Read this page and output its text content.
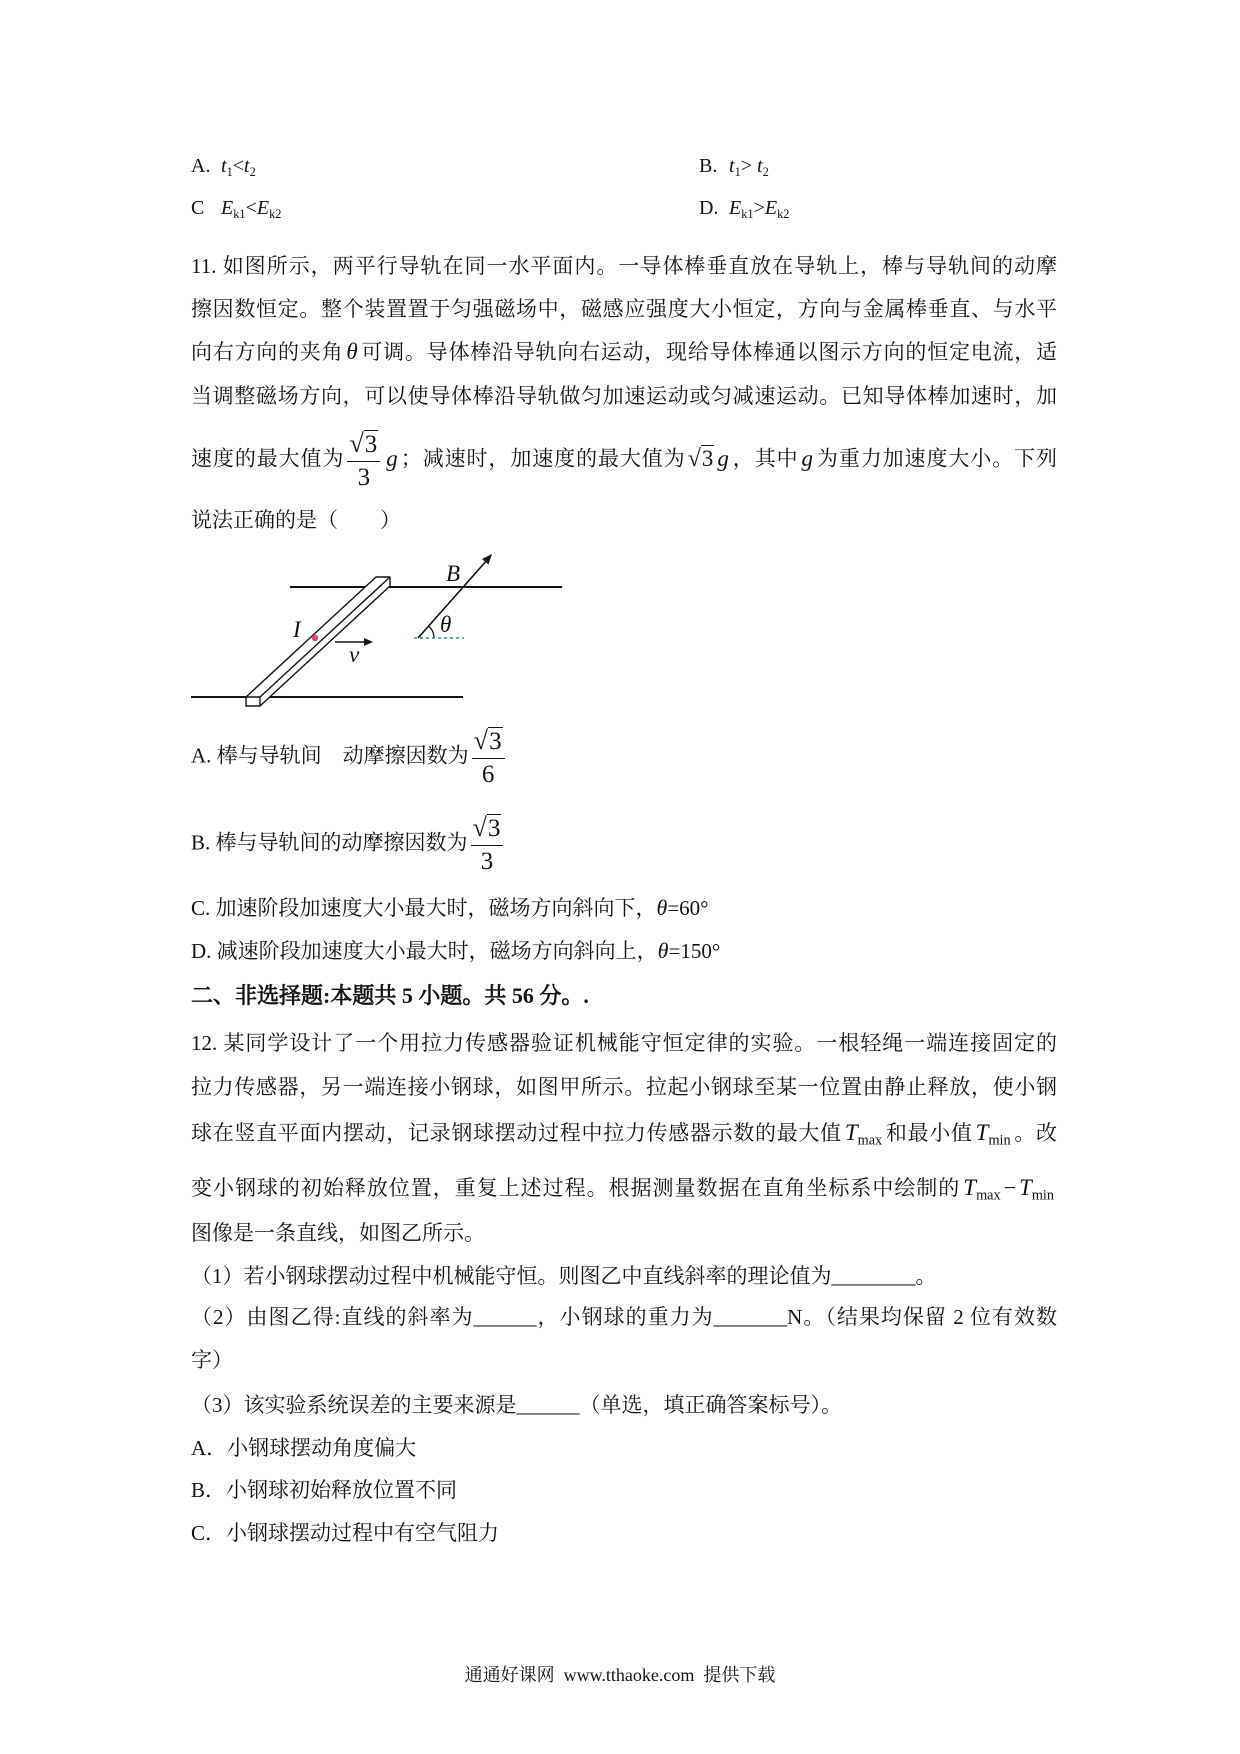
A. $t_1<t_2$	B. $t_1> t_2$
C $E_{k1}<E_{k2}$	D. $E_{k1}>E_{k2}$
11. 如图所示，两平行导轨在同一水平面内。一导体棒垂直放在导轨上，棒与导轨间的动摩
擦因数恒定。整个装置置于匀强磁场中，磁感应强度大小恒定，方向与金属棒垂直、与水平
向右方向的夹角 θ 可调。导体棒沿导轨向右运动，现给导体棒通以图示方向的恒定电流，适
当调整磁场方向，可以使导体棒沿导轨做匀加速运动或匀减速运动。已知导体棒加速时，加
速度的最大值为 $\frac{√3}{3}$ g ；减速时，加速度的最大值为√3 g ，其中 g 为重力加速度大小。下列
说法正确的是（　　）
I
v
B
θ
A. 棒与导轨间　动摩擦因数为 $\frac{√3}{6}$
B. 棒与导轨间的动摩擦因数为 $\frac{√3}{3}$
C. 加速阶段加速度大小最大时，磁场方向斜向下，θ=60°
D. 减速阶段加速度大小最大时，磁场方向斜向上，θ=150°
二、非选择题:本题共 5 小题。共 56 分。.
12. 某同学设计了一个用拉力传感器验证机械能守恒定律的实验。一根轻绳一端连接固定的
拉力传感器，另一端连接小钢球，如图甲所示。拉起小钢球至某一位置由静止释放，使小钢
球在竖直平面内摆动，记录钢球摆动过程中拉力传感器示数的最大值 $T_{max}$ 和最小值 $T_{min}$ 。改
变小钢球的初始释放位置，重复上述过程。根据测量数据在直角坐标系中绘制的 $T_{max} - T_{min}$
图像是一条直线，如图乙所示。
（1）若小钢球摆动过程中机械能守恒。则图乙中直线斜率的理论值为________。
（2）由图乙得:直线的斜率为______，小钢球的重力为_______N。（结果均保留 2 位有效数
字）
（3）该实验系统误差的主要来源是______（单选，填正确答案标号）。
A．小钢球摆动角度偏大
B．小钢球初始释放位置不同
C．小钢球摆动过程中有空气阻力
通通好课网  www.tthaoke.com  提供下载
